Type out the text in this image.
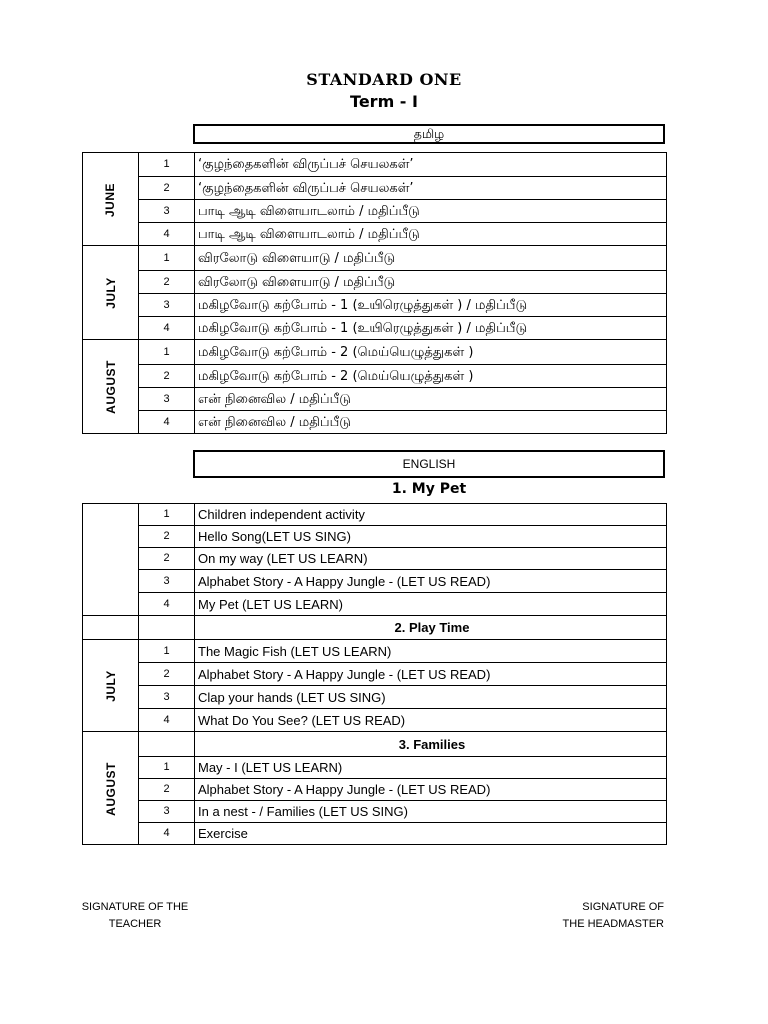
STANDARD ONE
Term - I
தமிழ
JUNE	1	‘குழந்தைகளின் விருப்பச் செயலகள்’
	2	‘குழந்தைகளின் விருப்பச் செயலகள்’
	3	பாடி ஆடி விளையாடலாம் / மதிப்பீடு
	4	பாடி ஆடி விளையாடலாம் / மதிப்பீடு
JULY	1	விரலோடு விளையாடு / மதிப்பீடு
	2	விரலோடு விளையாடு / மதிப்பீடு
	3	மகிழவோடு கற்போம் - 1 (உயிரெழுத்துகள் ) / மதிப்பீடு
	4	மகிழவோடு கற்போம் - 1 (உயிரெழுத்துகள் ) / மதிப்பீடு
AUGUST	1	மகிழவோடு கற்போம் - 2 (மெய்யெழுத்துகள் )
	2	மகிழவோடு கற்போம் - 2 (மெய்யெழுத்துகள் )
	3	என் நினைவில / மதிப்பீடு
	4	என் நினைவில / மதிப்பீடு
ENGLISH
1. My Pet
	1	Children independent activity
	2	Hello Song(LET US SING)
	2	On my way (LET US LEARN)
	3	Alphabet Story - A Happy Jungle - (LET US READ)
	4	My Pet (LET US LEARN)
		2. Play Time
JULY	1	The Magic Fish (LET US LEARN)
	2	Alphabet Story - A Happy Jungle - (LET US READ)
	3	Clap your hands (LET US SING)
	4	What Do You See? (LET US READ)
AUGUST		3. Families
	1	May - I (LET US LEARN)
	2	Alphabet Story - A Happy Jungle - (LET US READ)
	3	In a nest - / Families (LET US SING)
	4	Exercise
SIGNATURE OF THE
TEACHER
SIGNATURE OF
THE HEADMASTER
